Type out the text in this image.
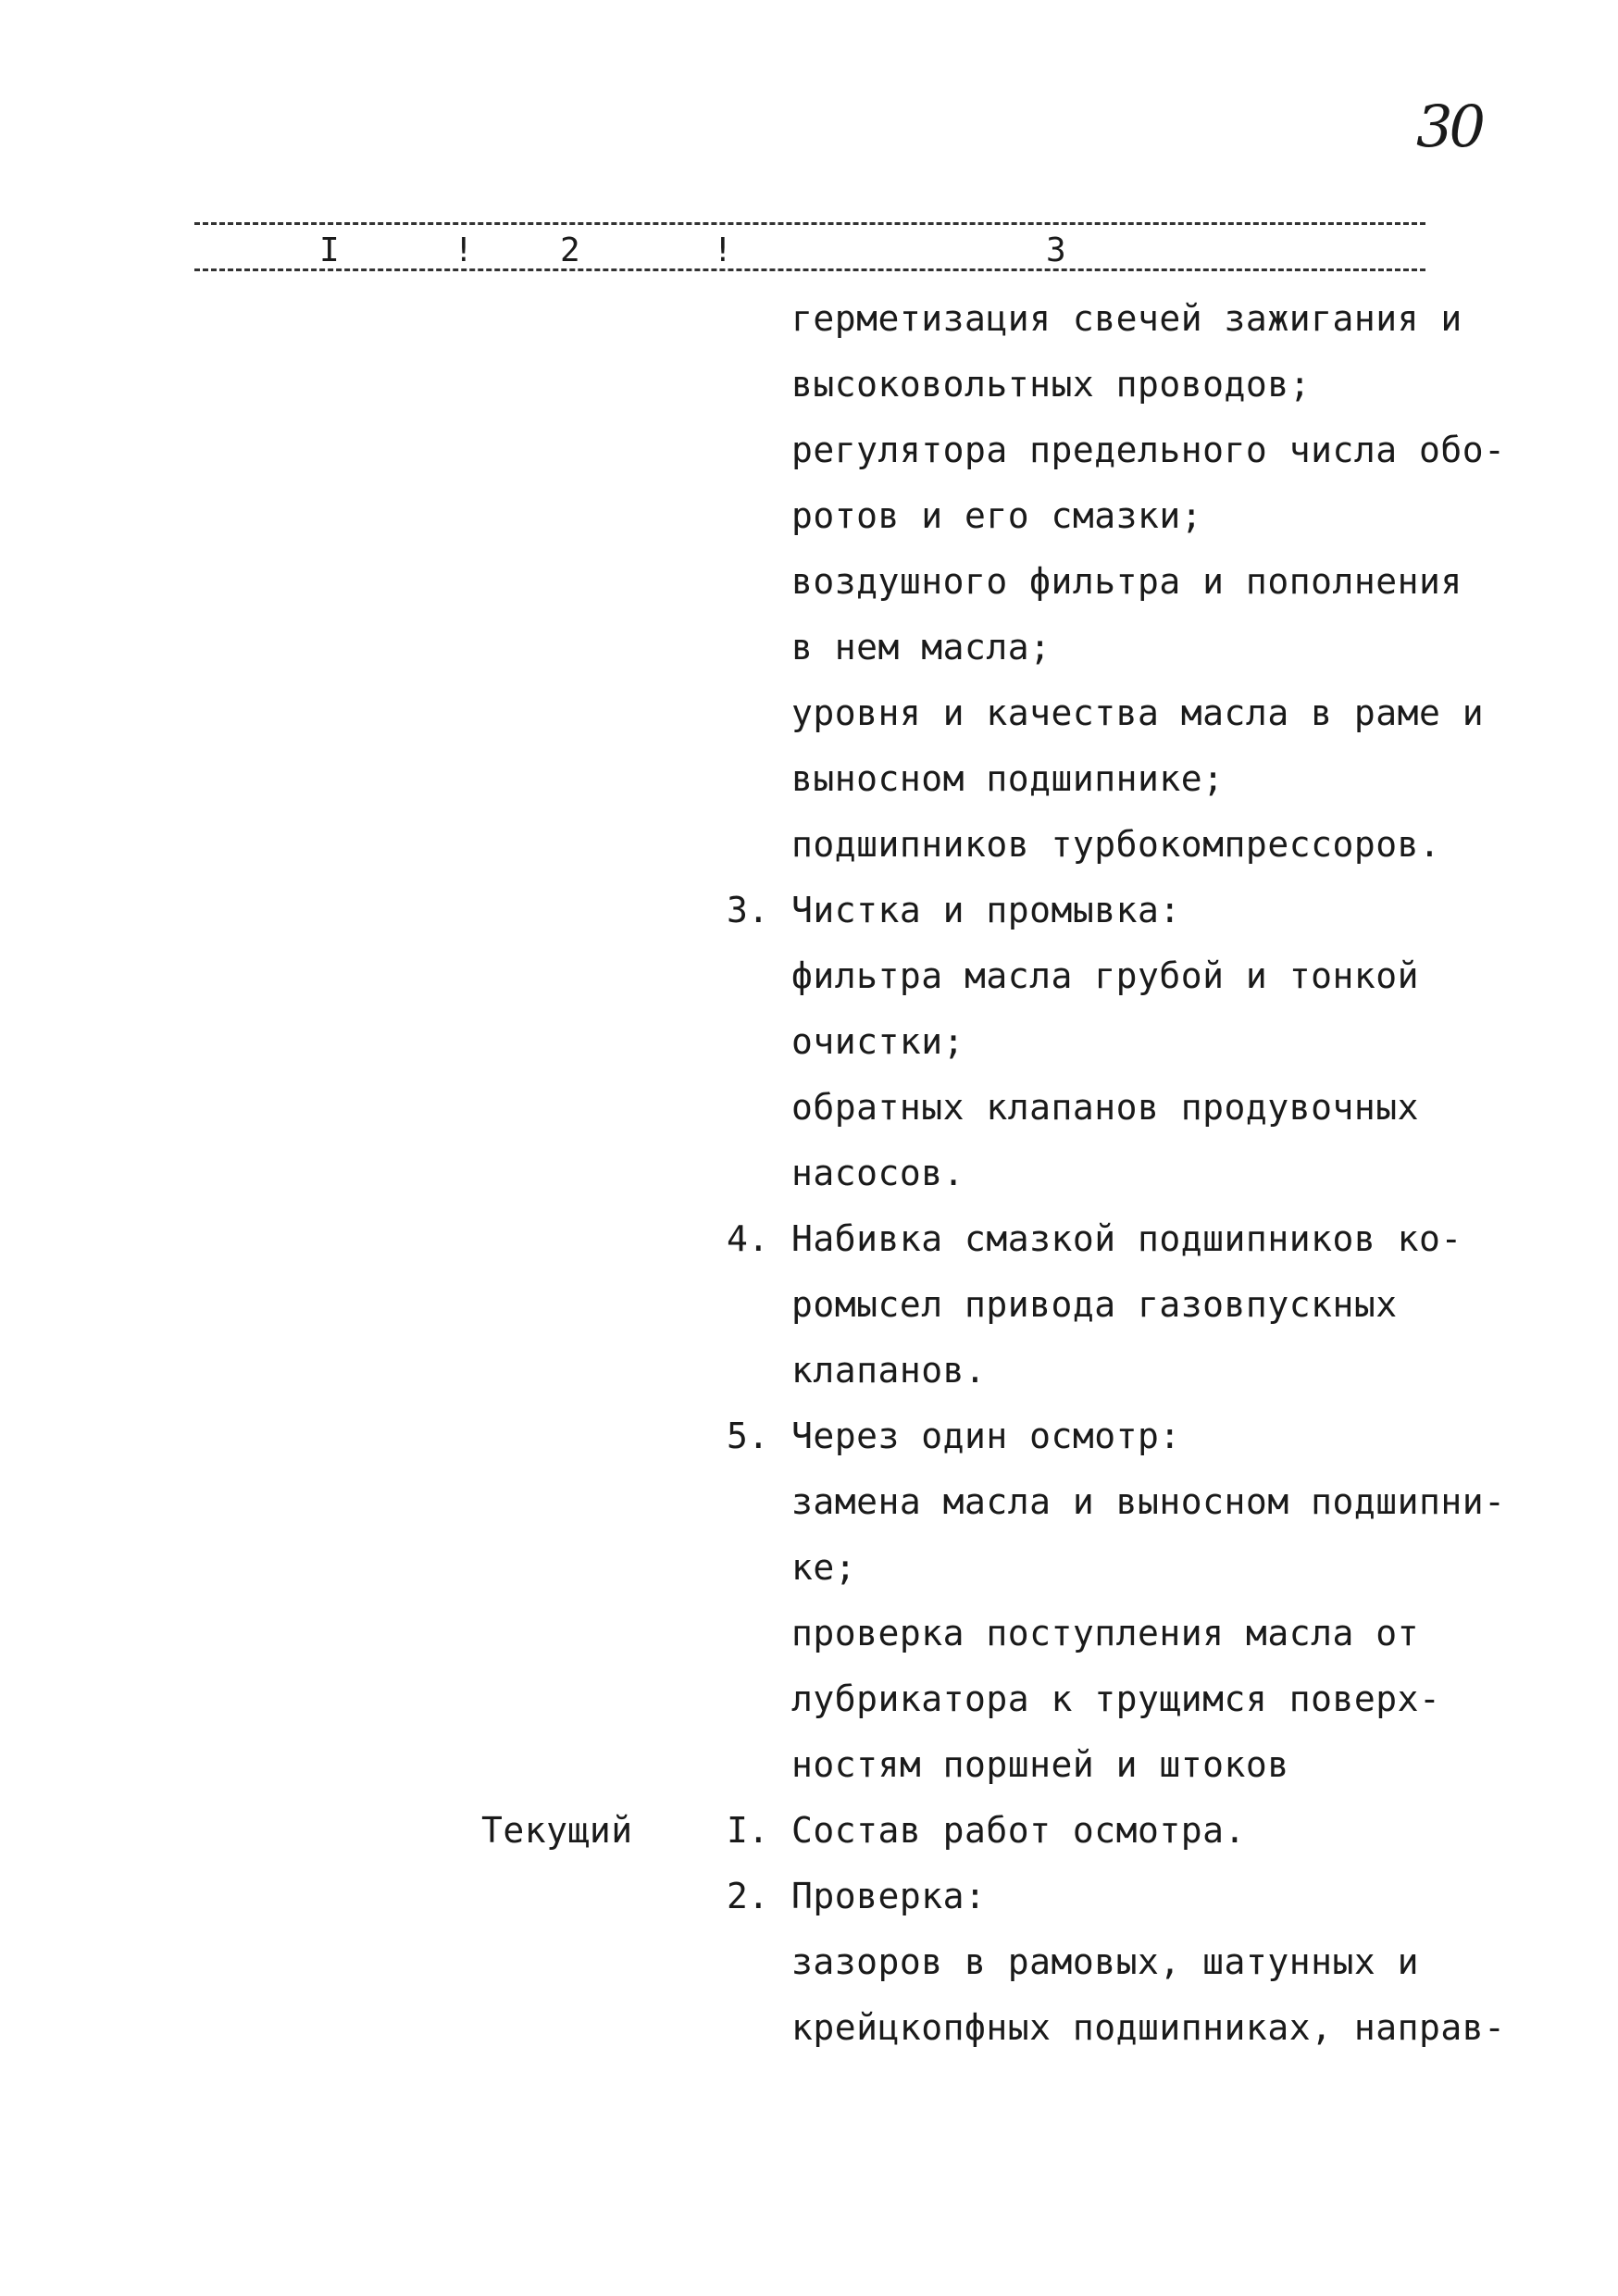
30
I	!	2	!	3
герметизация свечей зажигания и
высоковольтных проводов;
регулятора предельного числа обо-
ротов и его смазки;
воздушного фильтра и пополнения
в нем масла;
уровня и качества масла в раме и
выносном подшипнике;
подшипников турбокомпрессоров.
3. Чистка и промывка:
фильтра масла грубой и тонкой
очистки;
обратных клапанов продувочных
насосов.
4. Набивка смазкой подшипников ко-
ромысел привода газовпускных
клапанов.
5. Через один осмотр:
замена масла и выносном подшипни-
ке;
проверка поступления масла от
лубрикатора к трущимся поверх-
ностям поршней и штоков
Текущий	I. Состав работ осмотра.
2. Проверка:
зазоров в рамовых, шатунных и
крейцкопфных подшипниках, направ-
